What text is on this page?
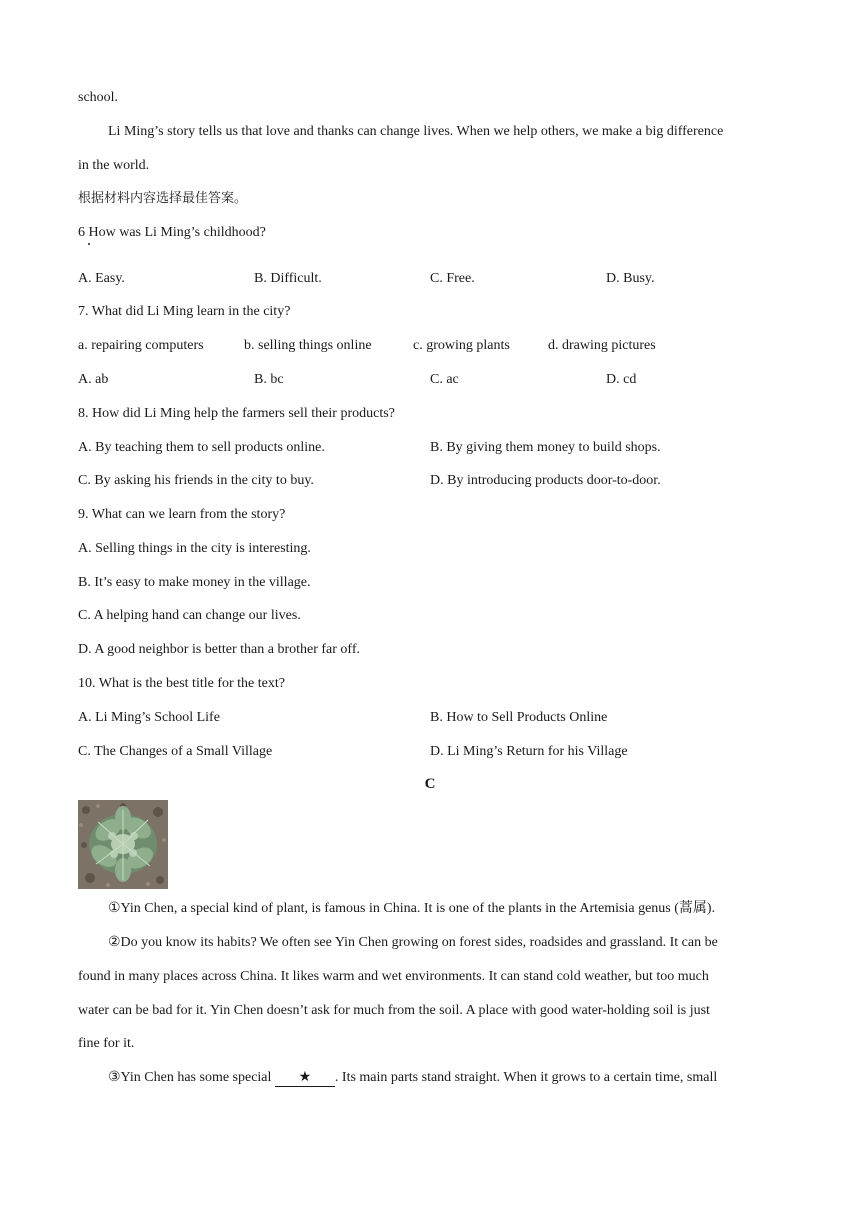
school.
Li Ming’s story tells us that love and thanks can change lives. When we help others, we make a big difference
in the world.
根据材料内容选择最佳答案。
6 How was Li Ming’s childhood?
A. Easy.	B. Difficult.	C. Free.	D. Busy.
7. What did Li Ming learn in the city?
a. repairing computers	b. selling things online	c. growing plants	d. drawing pictures
A. ab	B. bc	C. ac	D. cd
8. How did Li Ming help the farmers sell their products?
A. By teaching them to sell products online.	B. By giving them money to build shops.
C. By asking his friends in the city to buy.	D. By introducing products door-to-door.
9. What can we learn from the story?
A. Selling things in the city is interesting.
B. It’s easy to make money in the village.
C. A helping hand can change our lives.
D. A good neighbor is better than a brother far off.
10. What is the best title for the text?
A. Li Ming’s School Life	B. How to Sell Products Online
C. The Changes of a Small Village	D. Li Ming’s Return for his Village
C
①Yin Chen, a special kind of plant, is famous in China. It is one of the plants in the Artemisia genus (蒿属).
②Do you know its habits? We often see Yin Chen growing on forest sides, roadsides and grassland. It can be
found in many places across China. It likes warm and wet environments. It can stand cold weather, but too much
water can be bad for it. Yin Chen doesn’t ask for much from the soil. A place with good water-holding soil is just
fine for it.
③Yin Chen has some special ★ . Its main parts stand straight. When it grows to a certain time, small
